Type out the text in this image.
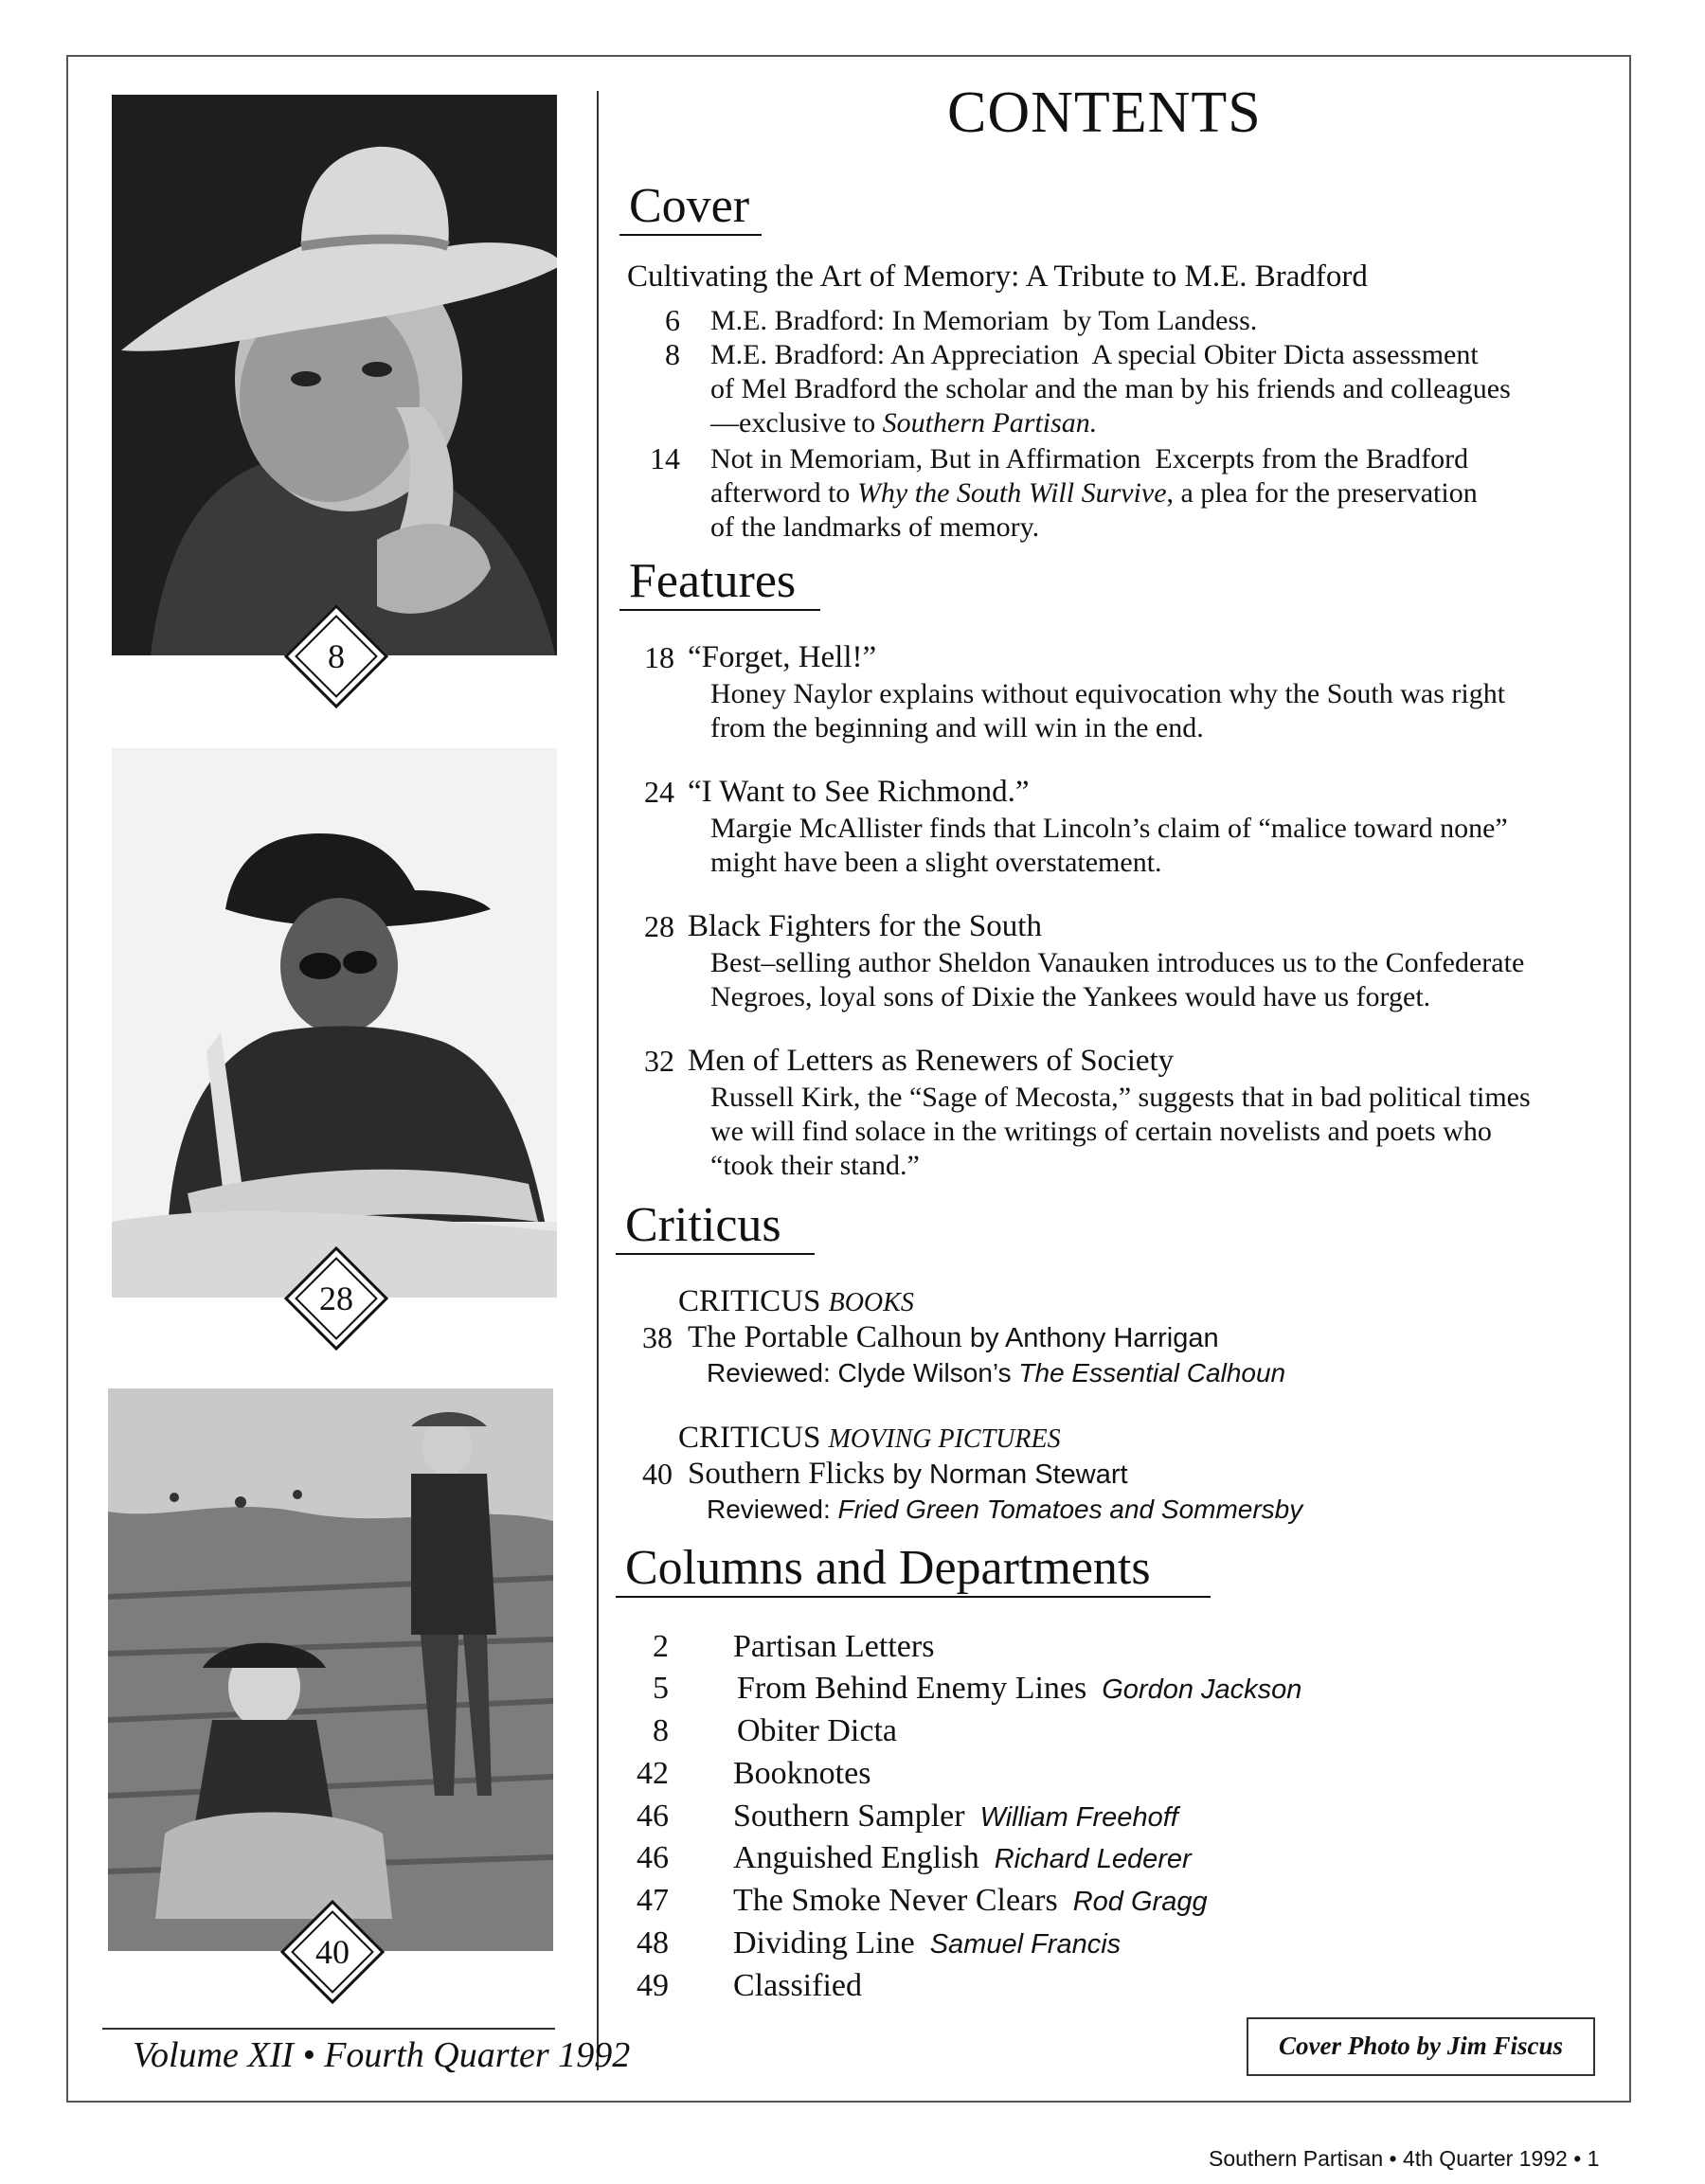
8
28
40
Volume XII • Fourth Quarter 1992
CONTENTS
Cover
Cultivating the Art of Memory: A Tribute to M.E. Bradford
6 M.E. Bradford: In Memoriam by Tom Landess.
8 M.E. Bradford: An Appreciation A special Obiter Dicta assessment
of Mel Bradford the scholar and the man by his friends and colleagues
—exclusive to Southern Partisan.
14 Not in Memoriam, But in Affirmation Excerpts from the Bradford
afterword to Why the South Will Survive, a plea for the preservation
of the landmarks of memory.
Features
18 “Forget, Hell!”
Honey Naylor explains without equivocation why the South was right
from the beginning and will win in the end.
24 “I Want to See Richmond.”
Margie McAllister finds that Lincoln’s claim of “malice toward none”
might have been a slight overstatement.
28 Black Fighters for the South
Best–selling author Sheldon Vanauken introduces us to the Confederate
Negroes, loyal sons of Dixie the Yankees would have us forget.
32 Men of Letters as Renewers of Society
Russell Kirk, the “Sage of Mecosta,” suggests that in bad political times
we will find solace in the writings of certain novelists and poets who
“took their stand.”
Criticus
CRITICUS BOOKS
38 The Portable Calhoun by Anthony Harrigan
Reviewed: Clyde Wilson’s The Essential Calhoun
CRITICUS MOVING PICTURES
40 Southern Flicks by Norman Stewart
Reviewed: Fried Green Tomatoes and Sommersby
Columns and Departments
2 Partisan Letters
5 From Behind Enemy Lines Gordon Jackson
8 Obiter Dicta
42 Booknotes
46 Southern Sampler William Freehoff
46 Anguished English Richard Lederer
47 The Smoke Never Clears Rod Gragg
48 Dividing Line Samuel Francis
49 Classified
Cover Photo by Jim Fiscus
Southern Partisan • 4th Quarter 1992 • 1
